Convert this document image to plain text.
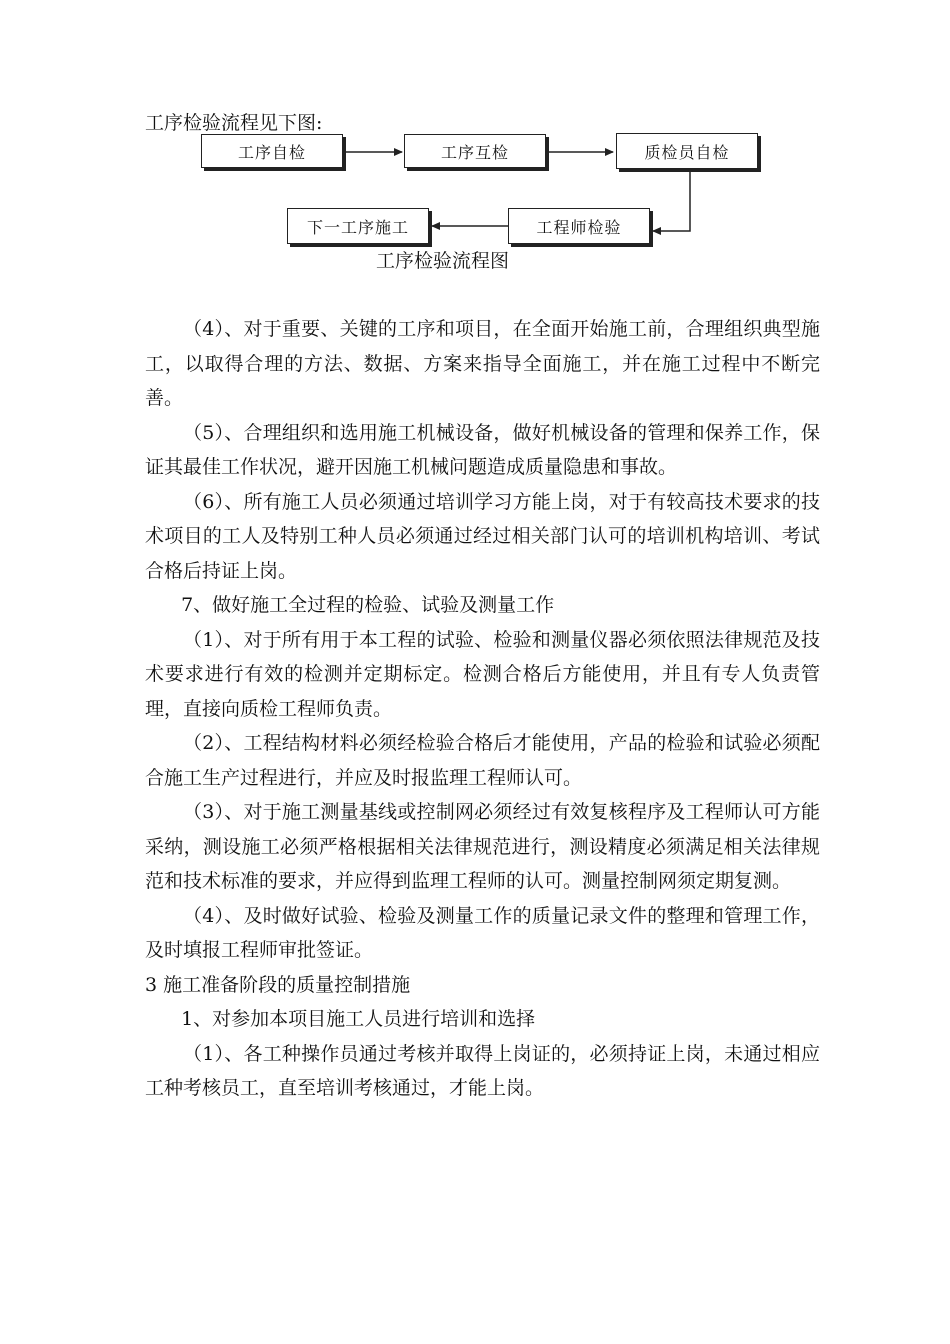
工序检验流程见下图:
工序自检	工序互检	质检员自检
工程师检验
下一工序施工
工序检验流程图

（4）、对于重要、关键的工序和项目，在全面开始施工前，合理组织典型施工，以取得合理的方法、数据、方案来指导全面施工，并在施工过程中不断完善。

（5）、合理组织和选用施工机械设备，做好机械设备的管理和保养工作，保证其最佳工作状况，避开因施工机械问题造成质量隐患和事故。

（6）、所有施工人员必须通过培训学习方能上岗，对于有较高技术要求的技术项目的工人及特别工种人员必须通过经过相关部门认可的培训机构培训、考试合格后持证上岗。

7、做好施工全过程的检验、试验及测量工作

（1）、对于所有用于本工程的试验、检验和测量仪器必须依照法律规范及技术要求进行有效的检测并定期标定。检测合格后方能使用，并且有专人负责管理，直接向质检工程师负责。

（2）、工程结构材料必须经检验合格后才能使用，产品的检验和试验必须配合施工生产过程进行，并应及时报监理工程师认可。

（3）、对于施工测量基线或控制网必须经过有效复核程序及工程师认可方能采纳，测设施工必须严格根据相关法律规范进行，测设精度必须满足相关法律规范和技术标准的要求，并应得到监理工程师的认可。测量控制网须定期复测。

（4）、及时做好试验、检验及测量工作的质量记录文件的整理和管理工作，及时填报工程师审批签证。

3 施工准备阶段的质量控制措施

1、对参加本项目施工人员进行培训和选择

（1）、各工种操作员通过考核并取得上岗证的，必须持证上岗，未通过相应工种考核员工，直至培训考核通过，才能上岗。
